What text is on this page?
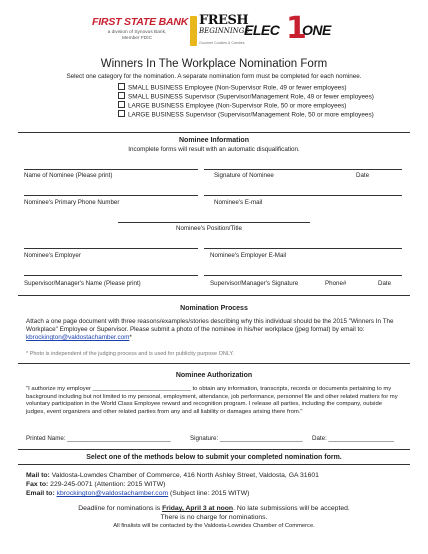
FIRST STATE BANK
a division of Synovus Bank,
Member FDIC
FRESH
BEGINNINGS
Gourmet Cookies & Candies
ELEC 1
ONE
Winners In The Workplace Nomination Form
Select one category for the nomination. A separate nomination form must be completed for each nominee.
SMALL BUSINESS Employee (Non-Supervisor Role, 49 or fewer employees)
SMALL BUSINESS Supervisor (Supervisor/Management Role, 49 or fewer employees)
LARGE BUSINESS Employee (Non-Supervisor Role, 50 or more employees)
LARGE BUSINESS Supervisor (Supervisor/Management Role, 50 or more employees)
Nominee Information
Incomplete forms will result with an automatic disqualification.
Name of Nominee (Please print)	Signature of Nominee	Date
Nominee's Primary Phone Number	Nominee's E-mail
Nominee's Position/Title
Nominee's Employer	Nominee's Employer E-Mail
Supervisor/Manager's Name (Please print)	Supervisor/Manager's Signature	Phone#	Date
Nomination Process
Attach a one page document with three reasons/examples/stories describing why this individual should be the 2015 "Winners In The Workplace" Employee or Supervisor. Please submit a photo of the nominee in his/her workplace (jpeg format) by email to: kbrockington@valdostachamber.com*
* Photo is independent of the judging process and is used for publicity purpose ONLY.
Nominee Authorization
"I authorize my employer ______________________________ to obtain any information, transcripts, records or documents pertaining to my background including but not limited to my personal, employment, attendance, job performance, personnel file and other related matters for my voluntary participation in the World Class Employee reward and recognition program. I release all parties, including the company, outside judges, event organizers and other related parties from any and all liability or damages arising there from."
Printed Name: ______________________________	Signature: ________________________ Date: ___________________
Select one of the methods below to submit your completed nomination form.
Mail to: Valdosta-Lowndes Chamber of Commerce, 416 North Ashley Street, Valdosta, GA 31601
Fax to: 229-245-0071 (Attention: 2015 WITW)
Email to: kbrockington@valdostachamber.com (Subject line: 2015 WITW)
Deadline for nominations is Friday, April 3 at noon. No late submissions will be accepted.
There is no charge for nominations.
All finalists will be contacted by the Valdosta-Lowndes Chamber of Commerce.
